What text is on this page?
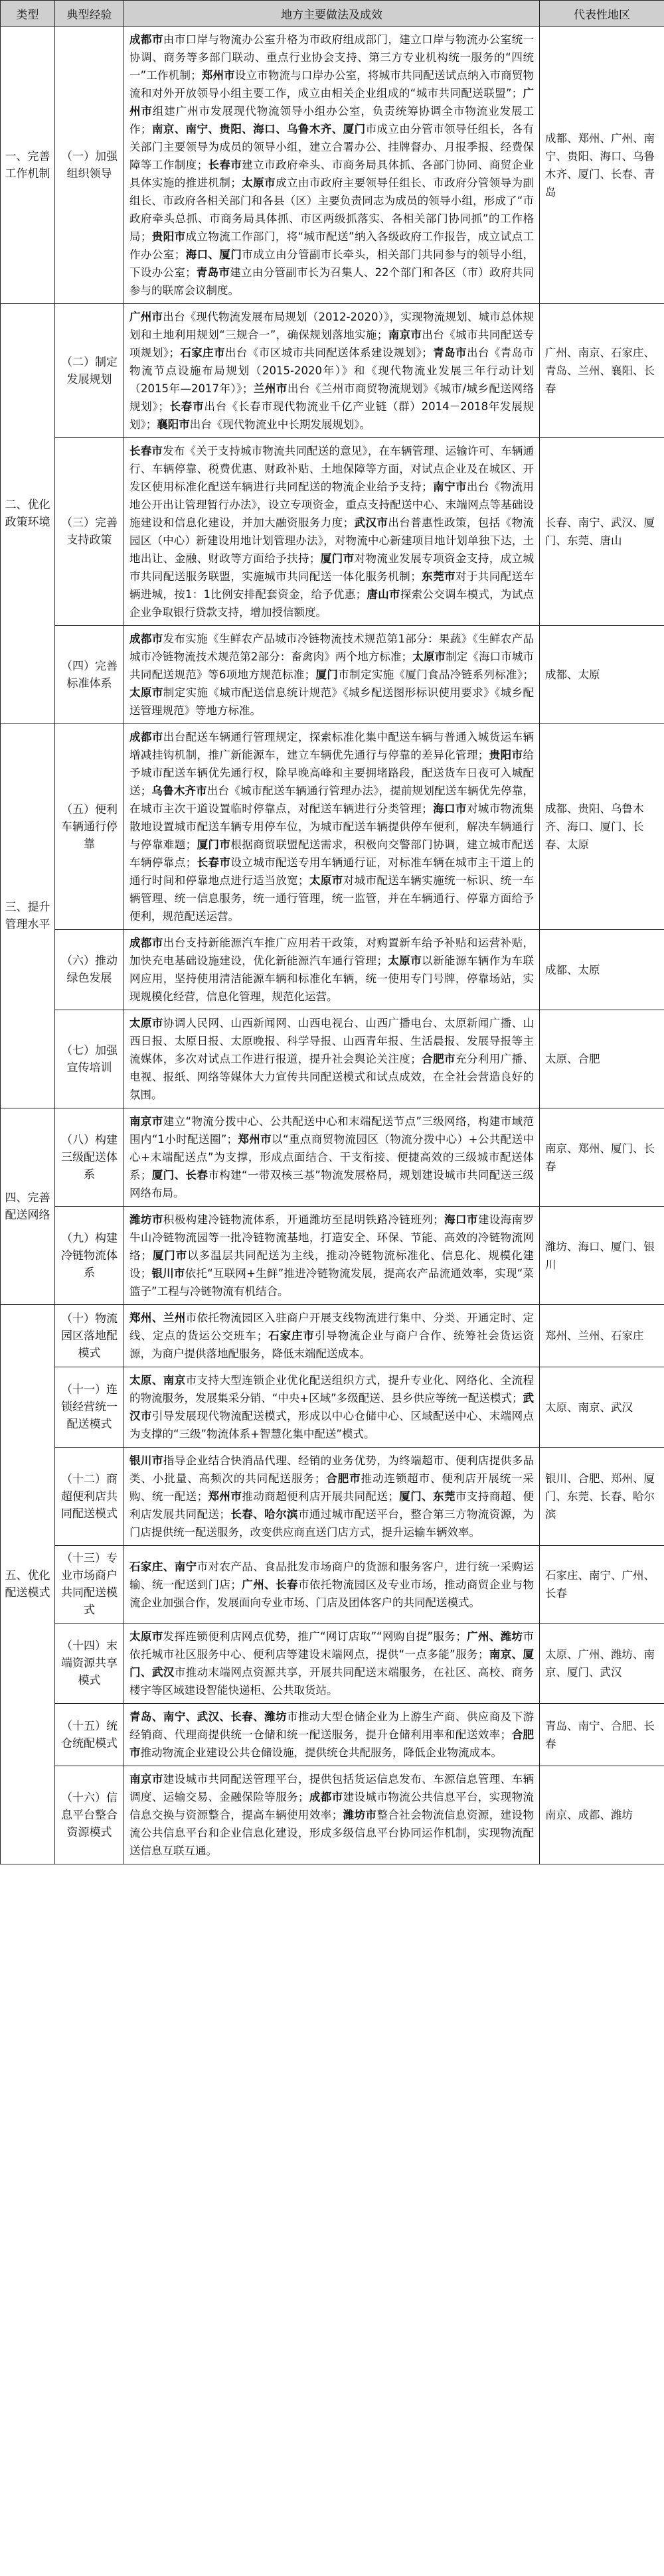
类型	典型经验	地方主要做法及成效	代表性地区
一、完善工作机制	（一）加强组织领导	成都市由市口岸与物流办公室升格为市政府组成部门，建立口岸与物流办公室统一协调、商务等多部门联动、重点行业协会支持、第三方专业机构统一服务的“四统一”工作机制；郑州市设立市物流与口岸办公室，将城市共同配送试点纳入市商贸物流和对外开放领导小组主要工作，成立由相关企业组成的“城市共同配送联盟”；广州市组建广州市发展现代物流领导小组办公室，负责统筹协调全市物流业发展工作；南京、南宁、贵阳、海口、乌鲁木齐、厦门市成立由分管市领导任组长，各有关部门主要领导为成员的领导小组，建立合署办公、挂牌督办、月报季报、经费保障等工作制度；长春市建立市政府牵头、市商务局具体抓、各部门协同、商贸企业具体实施的推进机制；太原市成立由市政府主要领导任组长、市政府分管领导为副组长、市政府各相关部门和各县（区）主要负责同志为成员的领导小组，形成了“市政府牵头总抓、市商务局具体抓、市区两级抓落实、各相关部门协同抓”的工作格局；贵阳市成立物流工作部门，将“城市配送”纳入各级政府工作报告，成立试点工作办公室；海口、厦门市成立由分管副市长牵头，相关部门共同参与的领导小组，下设办公室；青岛市建立由分管副市长为召集人、22个部门和各区（市）政府共同参与的联席会议制度。	成都、郑州、广州、南宁、贵阳、海口、乌鲁木齐、厦门、长春、青岛
二、优化政策环境	（二）制定发展规划	广州市出台《现代物流发展布局规划（2012-2020）》，实现物流规划、城市总体规划和土地利用规划“三规合一”，确保规划落地实施；南京市出台《城市共同配送专项规划》；石家庄市出台《市区城市共同配送体系建设规划》；青岛市出台《青岛市物流节点设施布局规划（2015-2020年）》和《现代物流业发展三年行动计划（2015年—2017年）》；兰州市出台《兰州市商贸物流规划》《城市/城乡配送网络规划》；长春市出台《长春市现代物流业千亿产业链（群）2014－2018年发展规划》；襄阳市出台《现代物流业中长期发展规划》。	广州、南京、石家庄、青岛、兰州、襄阳、长春
	（三）完善支持政策	长春市发布《关于支持城市物流共同配送的意见》，在车辆管理、运输许可、车辆通行、车辆停靠、税费优惠、财政补贴、土地保障等方面，对试点企业及在城区、开发区使用标准化配送车辆进行共同配送的物流企业给予支持；南宁市出台《物流用地公开出让管理暂行办法》，设立专项资金，重点支持配送中心、末端网点等基础设施建设和信息化建设，并加大融资服务力度；武汉市出台普惠性政策，包括《物流园区（中心）新建设用地计划管理办法》，对物流中心新建项目地计划单独下达，土地出让、金融、财政等方面给予扶持；厦门市对物流业发展专项资金支持，成立城市共同配送服务联盟，实施城市共同配送一体化服务机制；东莞市对于共同配送车辆进城，按1：1比例安排配套资金，给予优惠；唐山市探索公交调车模式，为试点企业争取银行贷款支持，增加授信额度。	长春、南宁、武汉、厦门、东莞、唐山
	（四）完善标准体系	成都市发布实施《生鲜农产品城市冷链物流技术规范第1部分：果蔬》《生鲜农产品城市冷链物流技术规范第2部分：畜禽肉》两个地方标准；太原市制定《海口市城市共同配送规范》等6项地方规范标准；厦门市制定实施《厦门食品冷链系列标准》；太原市制定实施《城市配送信息统计规范》《城乡配送图形标识使用要求》《城乡配送管理规范》等地方标准。	成都、太原
三、提升管理水平	（五）便利车辆通行停靠	成都市出台配送车辆通行管理规定，探索标准化集中配送车辆与普通入城货运车辆增减挂钩机制，推广新能源车，建立车辆优先通行与停靠的差异化管理；贵阳市给予城市配送车辆优先通行权，除早晚高峰和主要拥堵路段，配送货车日夜可入城配送；乌鲁木齐市出台《城市配送车辆通行管理办法》，提前规划配送车辆优先停靠，在城市主次干道设置临时停靠点，对配送车辆进行分类管理；海口市对城市物流集散地设置城市配送车辆专用停车位，为城市配送车辆提供停车便利，解决车辆通行与停靠难题；厦门市根据商贸联盟配送需求，积极向交警部门协调，建立城市配送车辆停靠点；长春市设立城市配送专用车辆通行证，对标准车辆在城市主干道上的通行时间和停靠地点进行适当放宽；太原市对城市配送车辆实施统一标识、统一车辆管理、统一信息服务，统一通行管理，统一监管，并在车辆通行、停靠方面给予便利，规范配送运营。	成都、贵阳、乌鲁木齐、海口、厦门、长春、太原
	（六）推动绿色发展	成都市出台支持新能源汽车推广应用若干政策，对购置新车给予补贴和运营补贴，加快充电基础设施建设，优化新能源汽车通行管理；太原市以新能源车辆作为车联网应用，坚持使用清洁能源车辆和标准化车辆，统一使用专门号牌，停靠场站，实现规模化经营，信息化管理，规范化运营。	成都、太原
	（七）加强宣传培训	太原市协调人民网、山西新闻网、山西电视台、山西广播电台、太原新闻广播、山西日报、太原日报、太原晚报、科学导报、山西青年报、生活晨报、发展导报等主流媒体，多次对试点工作进行报道，提升社会舆论关注度；合肥市充分利用广播、电视、报纸、网络等媒体大力宣传共同配送模式和试点成效，在全社会营造良好的氛围。	太原、合肥
四、完善配送网络	（八）构建三级配送体系	南京市建立“物流分拨中心、公共配送中心和末端配送节点”三级网络，构建市域范围内“1小时配送圈”；郑州市以“重点商贸物流园区（物流分拨中心）+公共配送中心+末端配送点”为支撑，形成点面结合、干支衔接、便捷高效的三级城市配送体系；厦门、长春市构建“一带双核三基”物流发展格局，规划建设城市共同配送三级网络布局。	南京、郑州、厦门、长春
	（九）构建冷链物流体系	潍坊市积极构建冷链物流体系，开通潍坊至昆明铁路冷链班列；海口市建设海南罗牛山冷链物流园等一批冷链物流基地，打造安全、环保、节能、高效的冷链物流网络；厦门市以多温层共同配送为主线，推动冷链物流标准化、信息化、规模化建设；银川市依托“互联网+生鲜”推进冷链物流发展，提高农产品流通效率，实现“菜篮子”工程与冷链物流有机结合。	潍坊、海口、厦门、银川
五、优化配送模式	（十）物流园区落地配模式	郑州、兰州市依托物流园区入驻商户开展支线物流进行集中、分类、开通定时、定线、定点的货运公交班车；石家庄市引导物流企业与商户合作、统筹社会货运资源，为商户提供落地配服务，降低末端配送成本。	郑州、兰州、石家庄
	（十一）连锁经营统一配送模式	太原、南京市支持大型连锁企业优化配送组织方式，提升专业化、网络化、全流程的物流服务，发展集采分销、“中央+区域”多级配送、县乡供应等统一配送模式；武汉市引导发展现代物流配送模式，形成以中心仓储中心、区域配送中心、末端网点为支撑的“三级”物流体系+智慧化集中配送”模式。	太原、南京、武汉
	（十二）商超便利店共同配送模式	银川市指导企业结合快消品代理、经销的业务优势，为终端超市、便利店提供多品类、小批量、高频次的共同配送服务；合肥市推动连锁超市、便利店开展统一采购、统一配送；郑州市推动商超便利店开展共同配送；厦门、东莞市支持商超、便利店发展共同配送；长春、哈尔滨市通过城市配送平台，整合第三方物流资源，为门店提供统一配送服务，改变供应商直送门店方式，提升运输车辆效率。	银川、合肥、郑州、厦门、东莞、长春、哈尔滨
	（十三）专业市场商户共同配送模式	石家庄、南宁市对农产品、食品批发市场商户的货源和服务客户，进行统一采购运输、统一配送到门店；广州、长春市依托物流园区及专业市场，推动商贸企业与物流企业加强合作，发展面向专业市场、门店及团体客户的共同配送模式。	石家庄、南宁、广州、长春
	（十四）末端资源共享模式	太原市发挥连锁便利店网点优势，推广“网订店取”“网购自提”服务；广州、潍坊市依托城市社区服务中心、便利店等建设末端网点，提供“一点多能”服务；南京、厦门、武汉市推动末端网点资源共享，开展共同配送末端服务，在社区、高校、商务楼宇等区域建设智能快递柜、公共取货站。	太原、广州、潍坊、南京、厦门、武汉
	（十五）统仓统配模式	青岛、南宁、武汉、长春、潍坊市推动大型仓储企业为上游生产商、供应商及下游经销商、代理商提供统一仓储和统一配送服务，提升仓储利用率和配送效率；合肥市推动物流企业建设公共仓储设施，提供统仓共配服务，降低企业物流成本。	青岛、南宁、合肥、长春
	（十六）信息平台整合资源模式	南京市建设城市共同配送管理平台，提供包括货运信息发布、车源信息管理、车辆调度、运输交易、金融保险等服务；成都市建设城市物流公共信息平台，实现物流信息交换与资源整合，提高车辆使用效率；潍坊市整合社会物流信息资源，建设物流公共信息平台和企业信息化建设，形成多级信息平台协同运作机制，实现物流配送信息互联互通。	南京、成都、潍坊
